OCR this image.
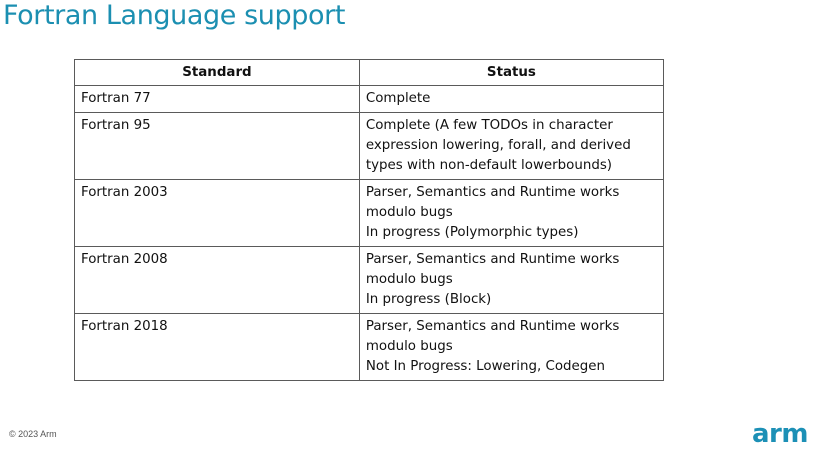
Fortran Language support
Standard	Status
Fortran 77	Complete

Fortran 95	Complete (A few TODOs in character
expression lowering, forall, and derived
types with non-default lowerbounds)

Fortran 2003	Parser, Semantics and Runtime works
modulo bugs
In progress (Polymorphic types)

Fortran 2008	Parser, Semantics and Runtime works
modulo bugs
In progress (Block)

Fortran 2018	Parser, Semantics and Runtime works
modulo bugs
Not In Progress: Lowering, Codegen
© 2023 Arm	arm
